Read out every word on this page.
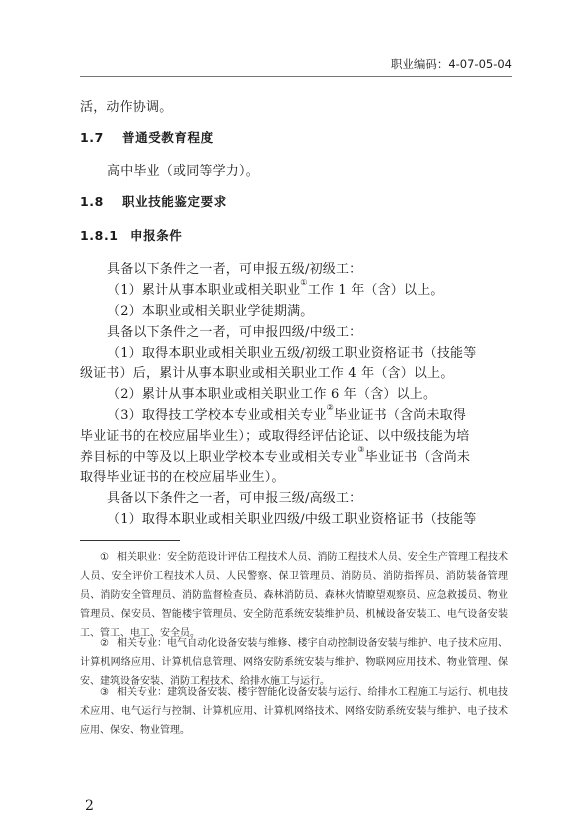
职业编码：4-07-05-04
活，动作协调。
1.7 普通受教育程度
高中毕业（或同等学力）。
1.8 职业技能鉴定要求
1.8.1 申报条件
具备以下条件之一者，可申报五级/初级工：
（1）累计从事本职业或相关职业①工作 1 年（含）以上。
（2）本职业或相关职业学徒期满。
具备以下条件之一者，可申报四级/中级工：
（1）取得本职业或相关职业五级/初级工职业资格证书（技能等
级证书）后，累计从事本职业或相关职业工作 4 年（含）以上。
（2）累计从事本职业或相关职业工作 6 年（含）以上。
（3）取得技工学校本专业或相关专业②毕业证书（含尚未取得
毕业证书的在校应届毕业生）；或取得经评估论证、以中级技能为培
养目标的中等及以上职业学校本专业或相关专业③毕业证书（含尚未
取得毕业证书的在校应届毕业生）。
具备以下条件之一者，可申报三级/高级工：
（1）取得本职业或相关职业四级/中级工职业资格证书（技能等
① 相关职业：安全防范设计评估工程技术人员、消防工程技术人员、安全生产管理工程技术人员、安全评价工程技术人员、人民警察、保卫管理员、消防员、消防指挥员、消防装备管理员、消防安全管理员、消防监督检查员、森林消防员、森林火情瞭望观察员、应急救援员、物业管理员、保安员、智能楼宇管理员、安全防范系统安装维护员、机械设备安装工、电气设备安装工、管工、电工、安全员。
② 相关专业：电气自动化设备安装与维修、楼宇自动控制设备安装与维护、电子技术应用、计算机网络应用、计算机信息管理、网络安防系统安装与维护、物联网应用技术、物业管理、保安、建筑设备安装、消防工程技术、给排水施工与运行。
③ 相关专业：建筑设备安装、楼宇智能化设备安装与运行、给排水工程施工与运行、机电技术应用、电气运行与控制、计算机应用、计算机网络技术、网络安防系统安装与维护、电子技术应用、保安、物业管理。
2
